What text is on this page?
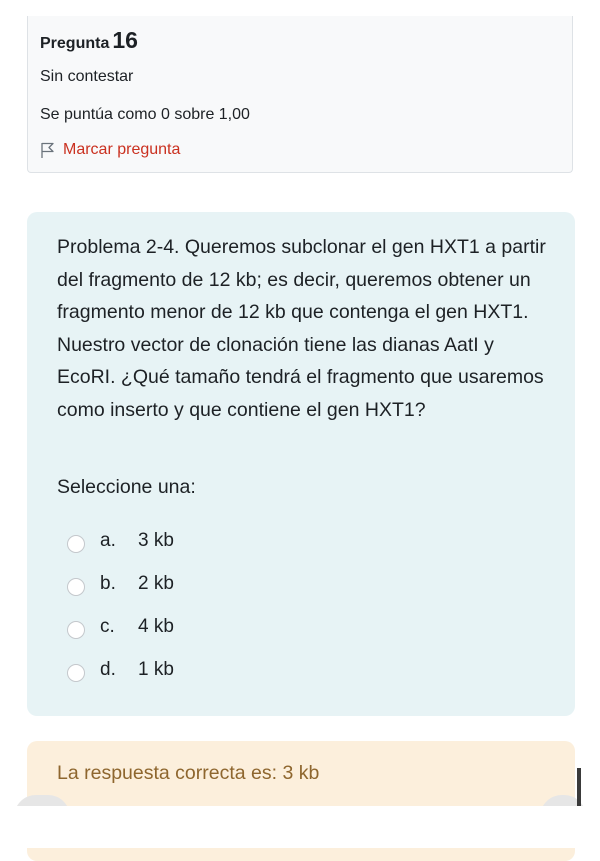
Pregunta 16
Sin contestar
Se puntúa como 0 sobre 1,00
Marcar pregunta
Problema 2-4. Queremos subclonar el gen HXT1 a partir del fragmento de 12 kb; es decir, queremos obtener un fragmento menor de 12 kb que contenga el gen HXT1. Nuestro vector de clonación tiene las dianas AatI y EcoRI. ¿Qué tamaño tendrá el fragmento que usaremos como inserto y que contiene el gen HXT1?
Seleccione una:
a.	3 kb
b.	2 kb
c.	4 kb
d.	1 kb
La respuesta correcta es: 3 kb
